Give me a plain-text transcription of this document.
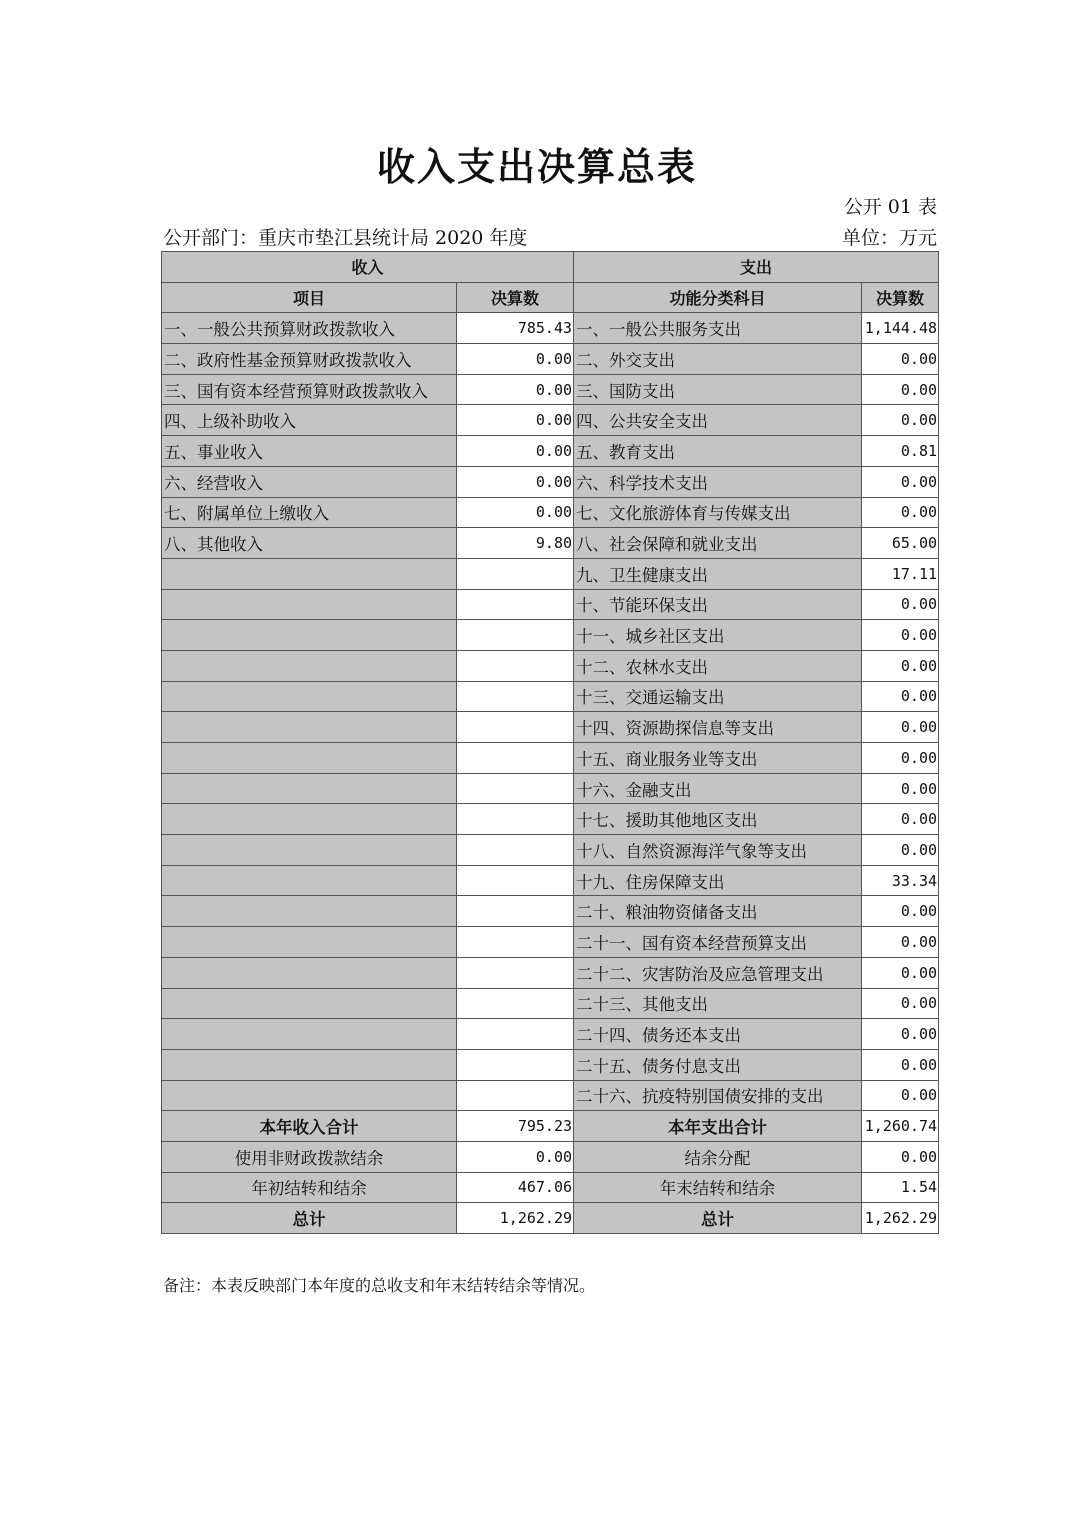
收入支出决算总表
公开 01 表
公开部门：重庆市垫江县统计局 2020 年度	单位：万元
收入		支出	
项目	决算数	功能分类科目	决算数
一、一般公共预算财政拨款收入	785.43	一、一般公共服务支出	1,144.48
二、政府性基金预算财政拨款收入	0.00	二、外交支出	0.00
三、国有资本经营预算财政拨款收入	0.00	三、国防支出	0.00
四、上级补助收入	0.00	四、公共安全支出	0.00
五、事业收入	0.00	五、教育支出	0.81
六、经营收入	0.00	六、科学技术支出	0.00
七、附属单位上缴收入	0.00	七、文化旅游体育与传媒支出	0.00
八、其他收入	9.80	八、社会保障和就业支出	65.00
		九、卫生健康支出	17.11
		十、节能环保支出	0.00
		十一、城乡社区支出	0.00
		十二、农林水支出	0.00
		十三、交通运输支出	0.00
		十四、资源勘探信息等支出	0.00
		十五、商业服务业等支出	0.00
		十六、金融支出	0.00
		十七、援助其他地区支出	0.00
		十八、自然资源海洋气象等支出	0.00
		十九、住房保障支出	33.34
		二十、粮油物资储备支出	0.00
		二十一、国有资本经营预算支出	0.00
		二十二、灾害防治及应急管理支出	0.00
		二十三、其他支出	0.00
		二十四、债务还本支出	0.00
		二十五、债务付息支出	0.00
		二十六、抗疫特别国债安排的支出	0.00
本年收入合计	795.23	本年支出合计	1,260.74
使用非财政拨款结余	0.00	结余分配	0.00
年初结转和结余	467.06	年末结转和结余	1.54
总计	1,262.29	总计	1,262.29
备注：本表反映部门本年度的总收支和年末结转结余等情况。
